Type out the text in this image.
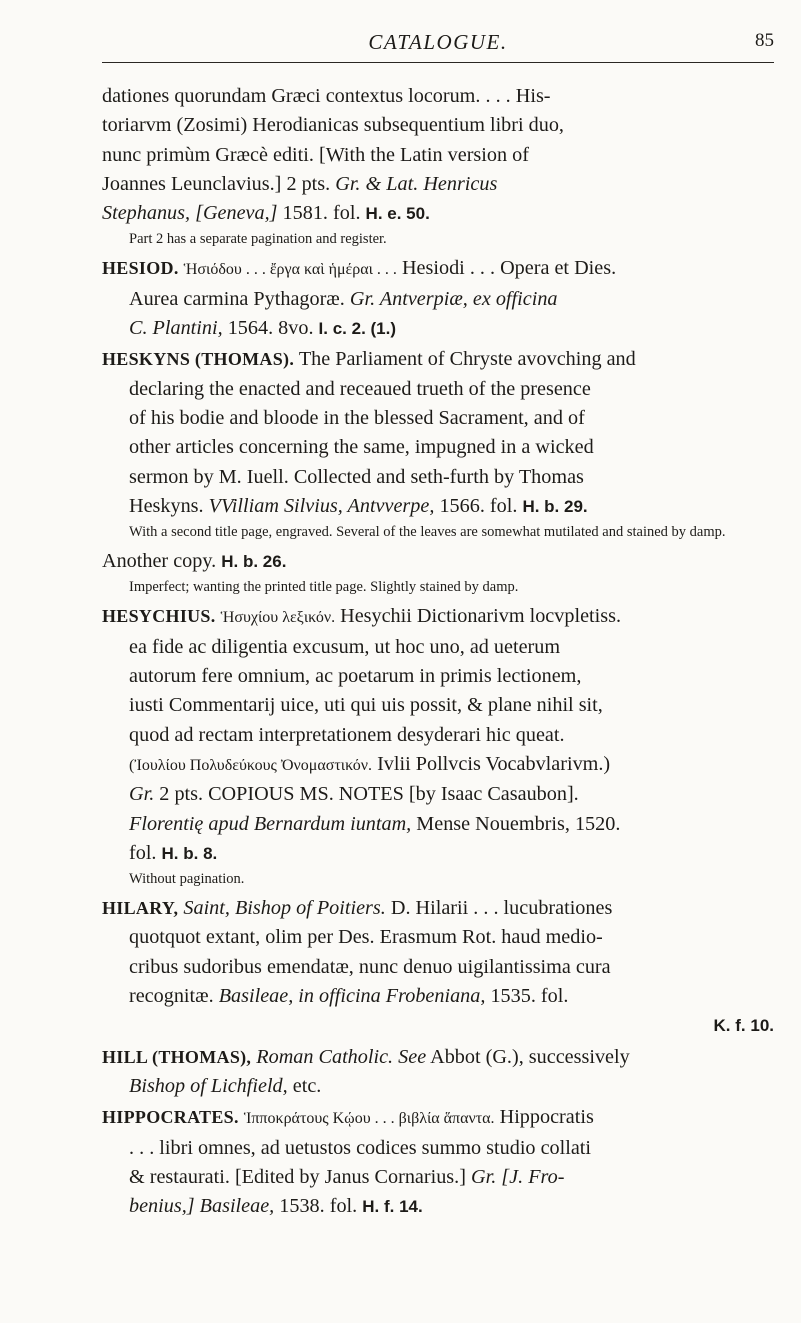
CATALOGUE.	85
dationes quorundam Græci contextus locorum. . . . His-
toriarvm (Zosimi) Herodianicas subsequentium libri duo,
nunc primùm Græcè editi. [With the Latin version of
Joannes Leunclavius.] 2 pts. Gr. & Lat. Henricus
Stephanus, [Geneva,] 1581. fol. H. e. 50.
Part 2 has a separate pagination and register.
HESIOD. Ἡσιόδου . . . ἔργα καὶ ἡμέραι . . . Hesiodi . . . Opera et Dies.
Aurea carmina Pythagoræ. Gr. Antverpiæ, ex officina
C. Plantini, 1564. 8vo. I. c. 2. (1.)
HESKYNS (THOMAS). The Parliament of Chryste avovching and
declaring the enacted and receaued trueth of the presence
of his bodie and bloode in the blessed Sacrament, and of
other articles concerning the same, impugned in a wicked
sermon by M. Iuell. Collected and seth-furth by Thomas
Heskyns. VVilliam Silvius, Antvverpe, 1566. fol. H. b. 29.
With a second title page, engraved. Several of the leaves are somewhat mutilated and stained by damp.
Another copy. H. b. 26.
Imperfect; wanting the printed title page. Slightly stained by damp.
HESYCHIUS. Ἡσυχίου λεξικόν. Hesychii Dictionarivm locvpletiss.
ea fide ac diligentia excusum, ut hoc uno, ad ueterum
autorum fere omnium, ac poetarum in primis lectionem,
iusti Commentarij uice, uti qui uis possit, & plane nihil sit,
quod ad rectam interpretationem desyderari hic queat.
(Ἰουλίου Πολυδεύκους Ὀνομαστικόν. Ivlii Pollvcis Vocabvlarivm.)
Gr. 2 pts. COPIOUS MS. NOTES [by Isaac Casaubon].
Florentię apud Bernardum iuntam, Mense Nouembris, 1520.
fol. H. b. 8.
Without pagination.
HILARY, Saint, Bishop of Poitiers. D. Hilarii . . . lucubrationes
quotquot extant, olim per Des. Erasmum Rot. haud medio-
cribus sudoribus emendatæ, nunc denuo uigilantissima cura
recognitæ. Basileae, in officina Frobeniana, 1535. fol.
K. f. 10.
HILL (THOMAS), Roman Catholic. See Abbot (G.), successively
Bishop of Lichfield, etc.
HIPPOCRATES. Ἱπποκράτους Κῴου . . . βιβλία ἅπαντα. Hippocratis
. . . libri omnes, ad uetustos codices summo studio collati
& restaurati. [Edited by Janus Cornarius.] Gr. [J. Fro-
benius,] Basileae, 1538. fol. H. f. 14.
